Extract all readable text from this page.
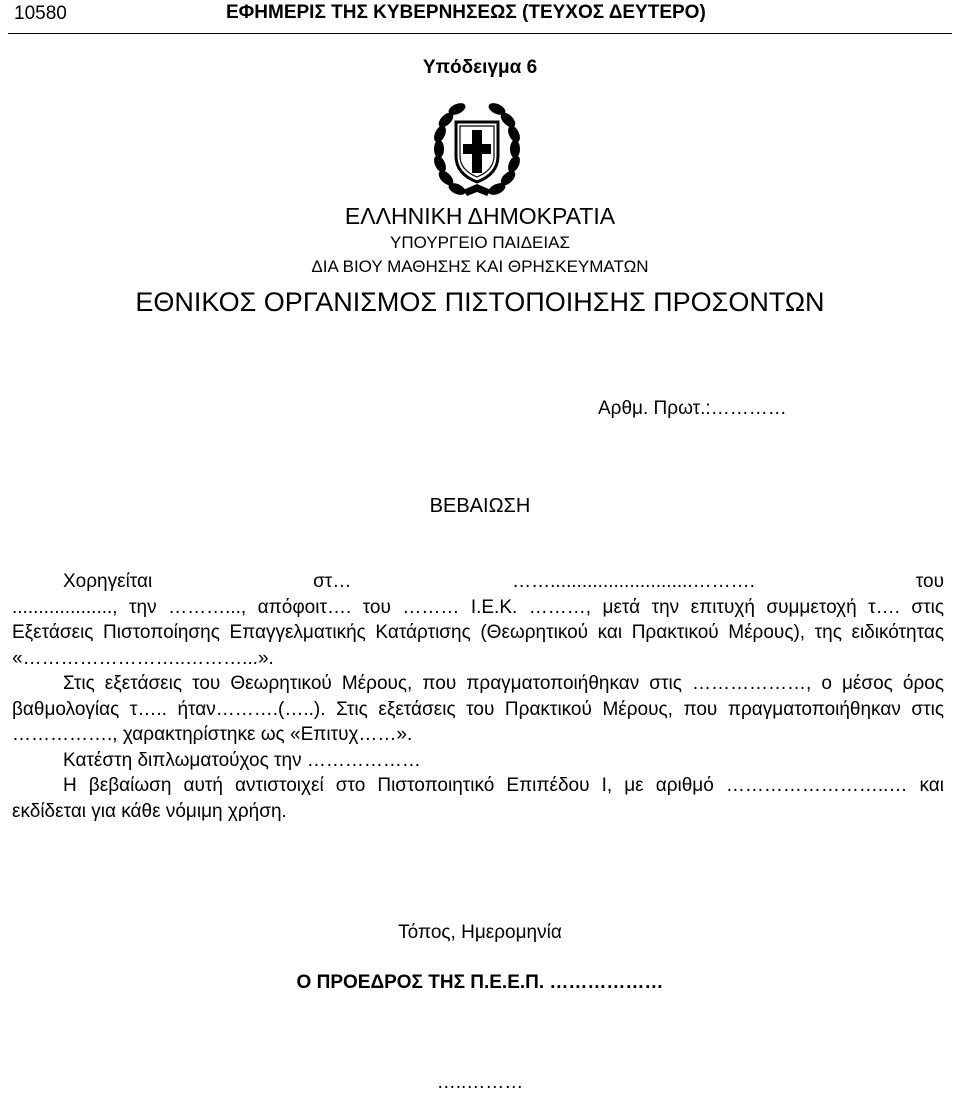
10580	ΕΦΗΜΕΡΙΣ ΤΗΣ ΚΥΒΕΡΝΗΣΕΩΣ (ΤΕΥΧΟΣ ΔΕΥΤΕΡΟ)
Υπόδειγμα 6
ΕΛΛΗΝΙΚΗ ΔΗΜΟΚΡΑΤΙΑ
ΥΠΟΥΡΓΕΙΟ ΠΑΙΔΕΙΑΣ
ΔΙΑ ΒΙΟΥ ΜΑΘΗΣΗΣ ΚΑΙ ΘΡΗΣΚΕΥΜΑΤΩΝ
ΕΘΝΙΚΟΣ ΟΡΓΑΝΙΣΜΟΣ ΠΙΣΤΟΠΟΙΗΣΗΣ ΠΡΟΣΟΝΤΩΝ
Αρθμ. Πρωτ.:…………
ΒΕΒΑΙΩΣΗ

Χορηγείται στ… ……...........................………. του

..................., την ………..., απόφοιτ…. του ……… Ι.Ε.Κ. ………, μετά την επιτυχή συμμετοχή τ…. στις Εξετάσεις Πιστοποίησης Επαγγελματικής Κατάρτισης (Θεωρητικού και Πρακτικού Μέρους), της ειδικότητας «……………………..………...».

Στις εξετάσεις του Θεωρητικού Μέρους, που πραγματοποιήθηκαν στις ………………, ο μέσος όρος βαθμολογίας τ….. ήταν……….(…..). Στις εξετάσεις του Πρακτικού Μέρους, που πραγματοποιήθηκαν στις ……………., χαρακτηρίστηκε ως «Επιτυχ……».

Κατέστη διπλωματούχος την ………………

Η βεβαίωση αυτή αντιστοιχεί στο Πιστοποιητικό Επιπέδου Ι, με αριθμό ……………………..… και εκδίδεται για κάθε νόμιμη χρήση.

Τόπος, Ημερομηνία
Ο ΠΡΟΕΔΡΟΣ ΤΗΣ Π.Ε.Ε.Π. ………………
…..………
